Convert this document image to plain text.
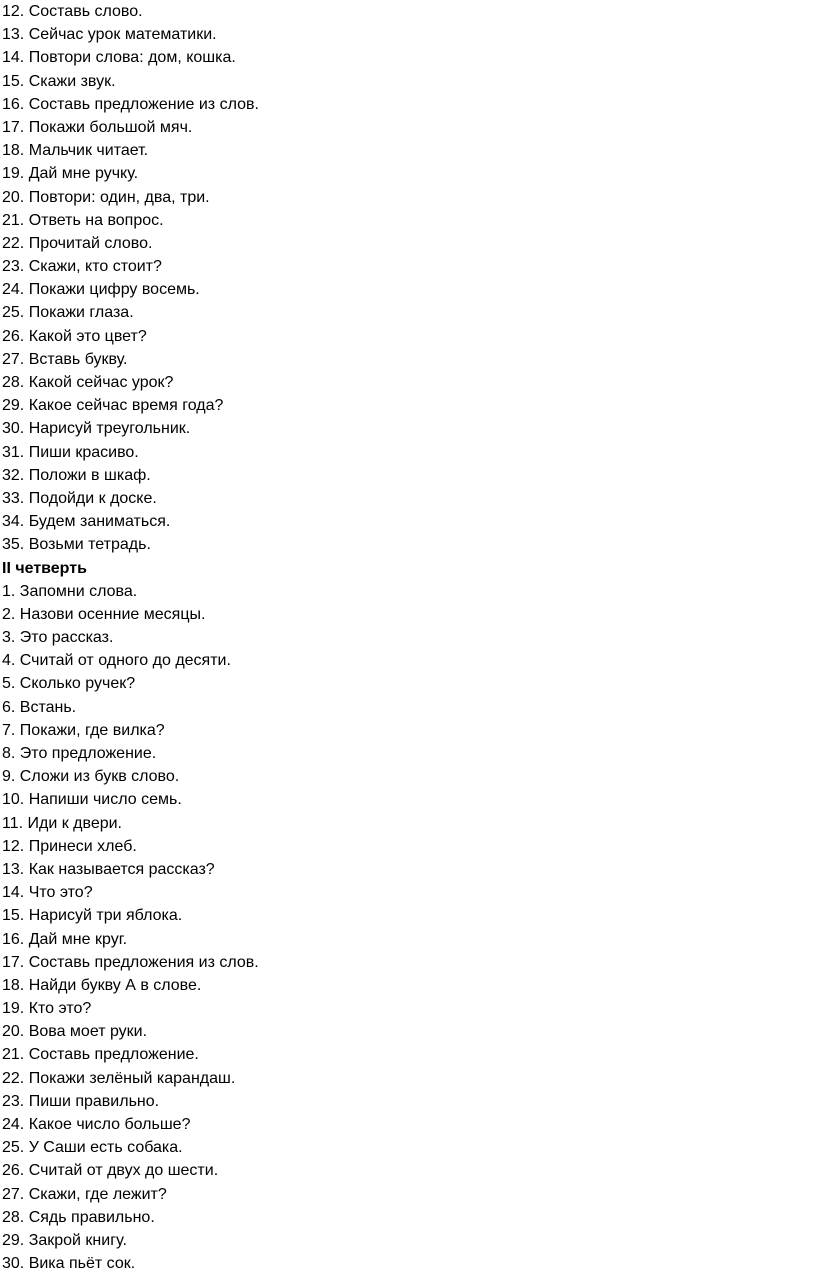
12. Составь слово.
13. Сейчас урок математики.
14. Повтори слова: дом, кошка.
15. Скажи звук.
16. Составь предложение из слов.
17. Покажи большой мяч.
18. Мальчик читает.
19. Дай мне ручку.
20. Повтори: один, два, три.
21. Ответь на вопрос.
22. Прочитай слово.
23. Скажи, кто стоит?
24. Покажи цифру восемь.
25. Покажи глаза.
26. Какой это цвет?
27. Вставь букву.
28. Какой сейчас урок?
29. Какое сейчас время года?
30. Нарисуй треугольник.
31. Пиши красиво.
32. Положи в шкаф.
33. Подойди к доске.
34. Будем заниматься.
35. Возьми тетрадь.
II четверть
1. Запомни слова.
2. Назови осенние месяцы.
3. Это рассказ.
4. Считай от одного до десяти.
5. Сколько ручек?
6. Встань.
7. Покажи, где вилка?
8. Это предложение.
9. Сложи из букв слово.
10. Напиши число семь.
11. Иди к двери.
12. Принеси хлеб.
13. Как называется рассказ?
14. Что это?
15. Нарисуй три яблока.
16. Дай мне круг.
17. Составь предложения из слов.
18. Найди букву А в слове.
19. Кто это?
20. Вова моет руки.
21. Составь предложение.
22. Покажи зелёный карандаш.
23. Пиши правильно.
24. Какое число больше?
25. У Саши есть собака.
26. Считай от двух до шести.
27. Скажи, где лежит?
28. Сядь правильно.
29. Закрой книгу.
30. Вика пьёт сок.
